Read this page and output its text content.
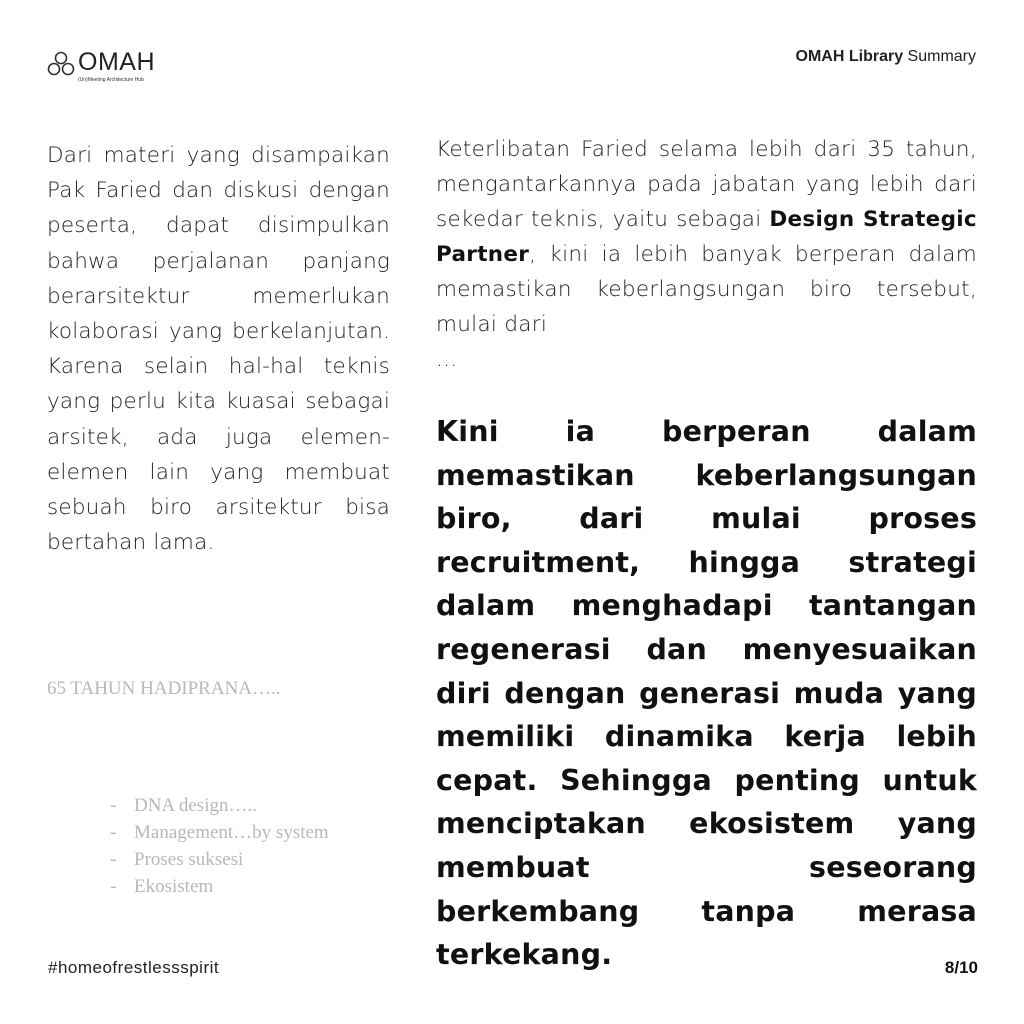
OMAH
(Un)Meeting Architecture Hub
OMAH Library Summary
Dari materi yang disampaikan Pak Faried dan diskusi dengan peserta, dapat disimpulkan bahwa perjalanan panjang berarsitektur memerlukan kolaborasi yang berkelanjutan. Karena selain hal-hal teknis yang perlu kita kuasai sebagai arsitek, ada juga elemen-elemen lain yang membuat sebuah biro arsitektur bisa bertahan lama.
65 TAHUN HADIPRANA…..
- DNA design…..
- Management…by system
- Proses suksesi
- Ekosistem
Keterlibatan Faried selama lebih dari 35 tahun, mengantarkannya pada jabatan yang lebih dari sekedar teknis, yaitu sebagai Design Strategic Partner, kini ia lebih banyak berperan dalam memastikan keberlangsungan biro tersebut, mulai dari
...
Kini ia berperan dalam memastikan keberlangsungan biro, dari mulai proses recruitment, hingga strategi dalam menghadapi tantangan regenerasi dan menyesuaikan diri dengan generasi muda yang memiliki dinamika kerja lebih cepat. Sehingga penting untuk menciptakan ekosistem yang membuat seseorang berkembang tanpa merasa terkekang.
#homeofrestlessspirit	8/10
